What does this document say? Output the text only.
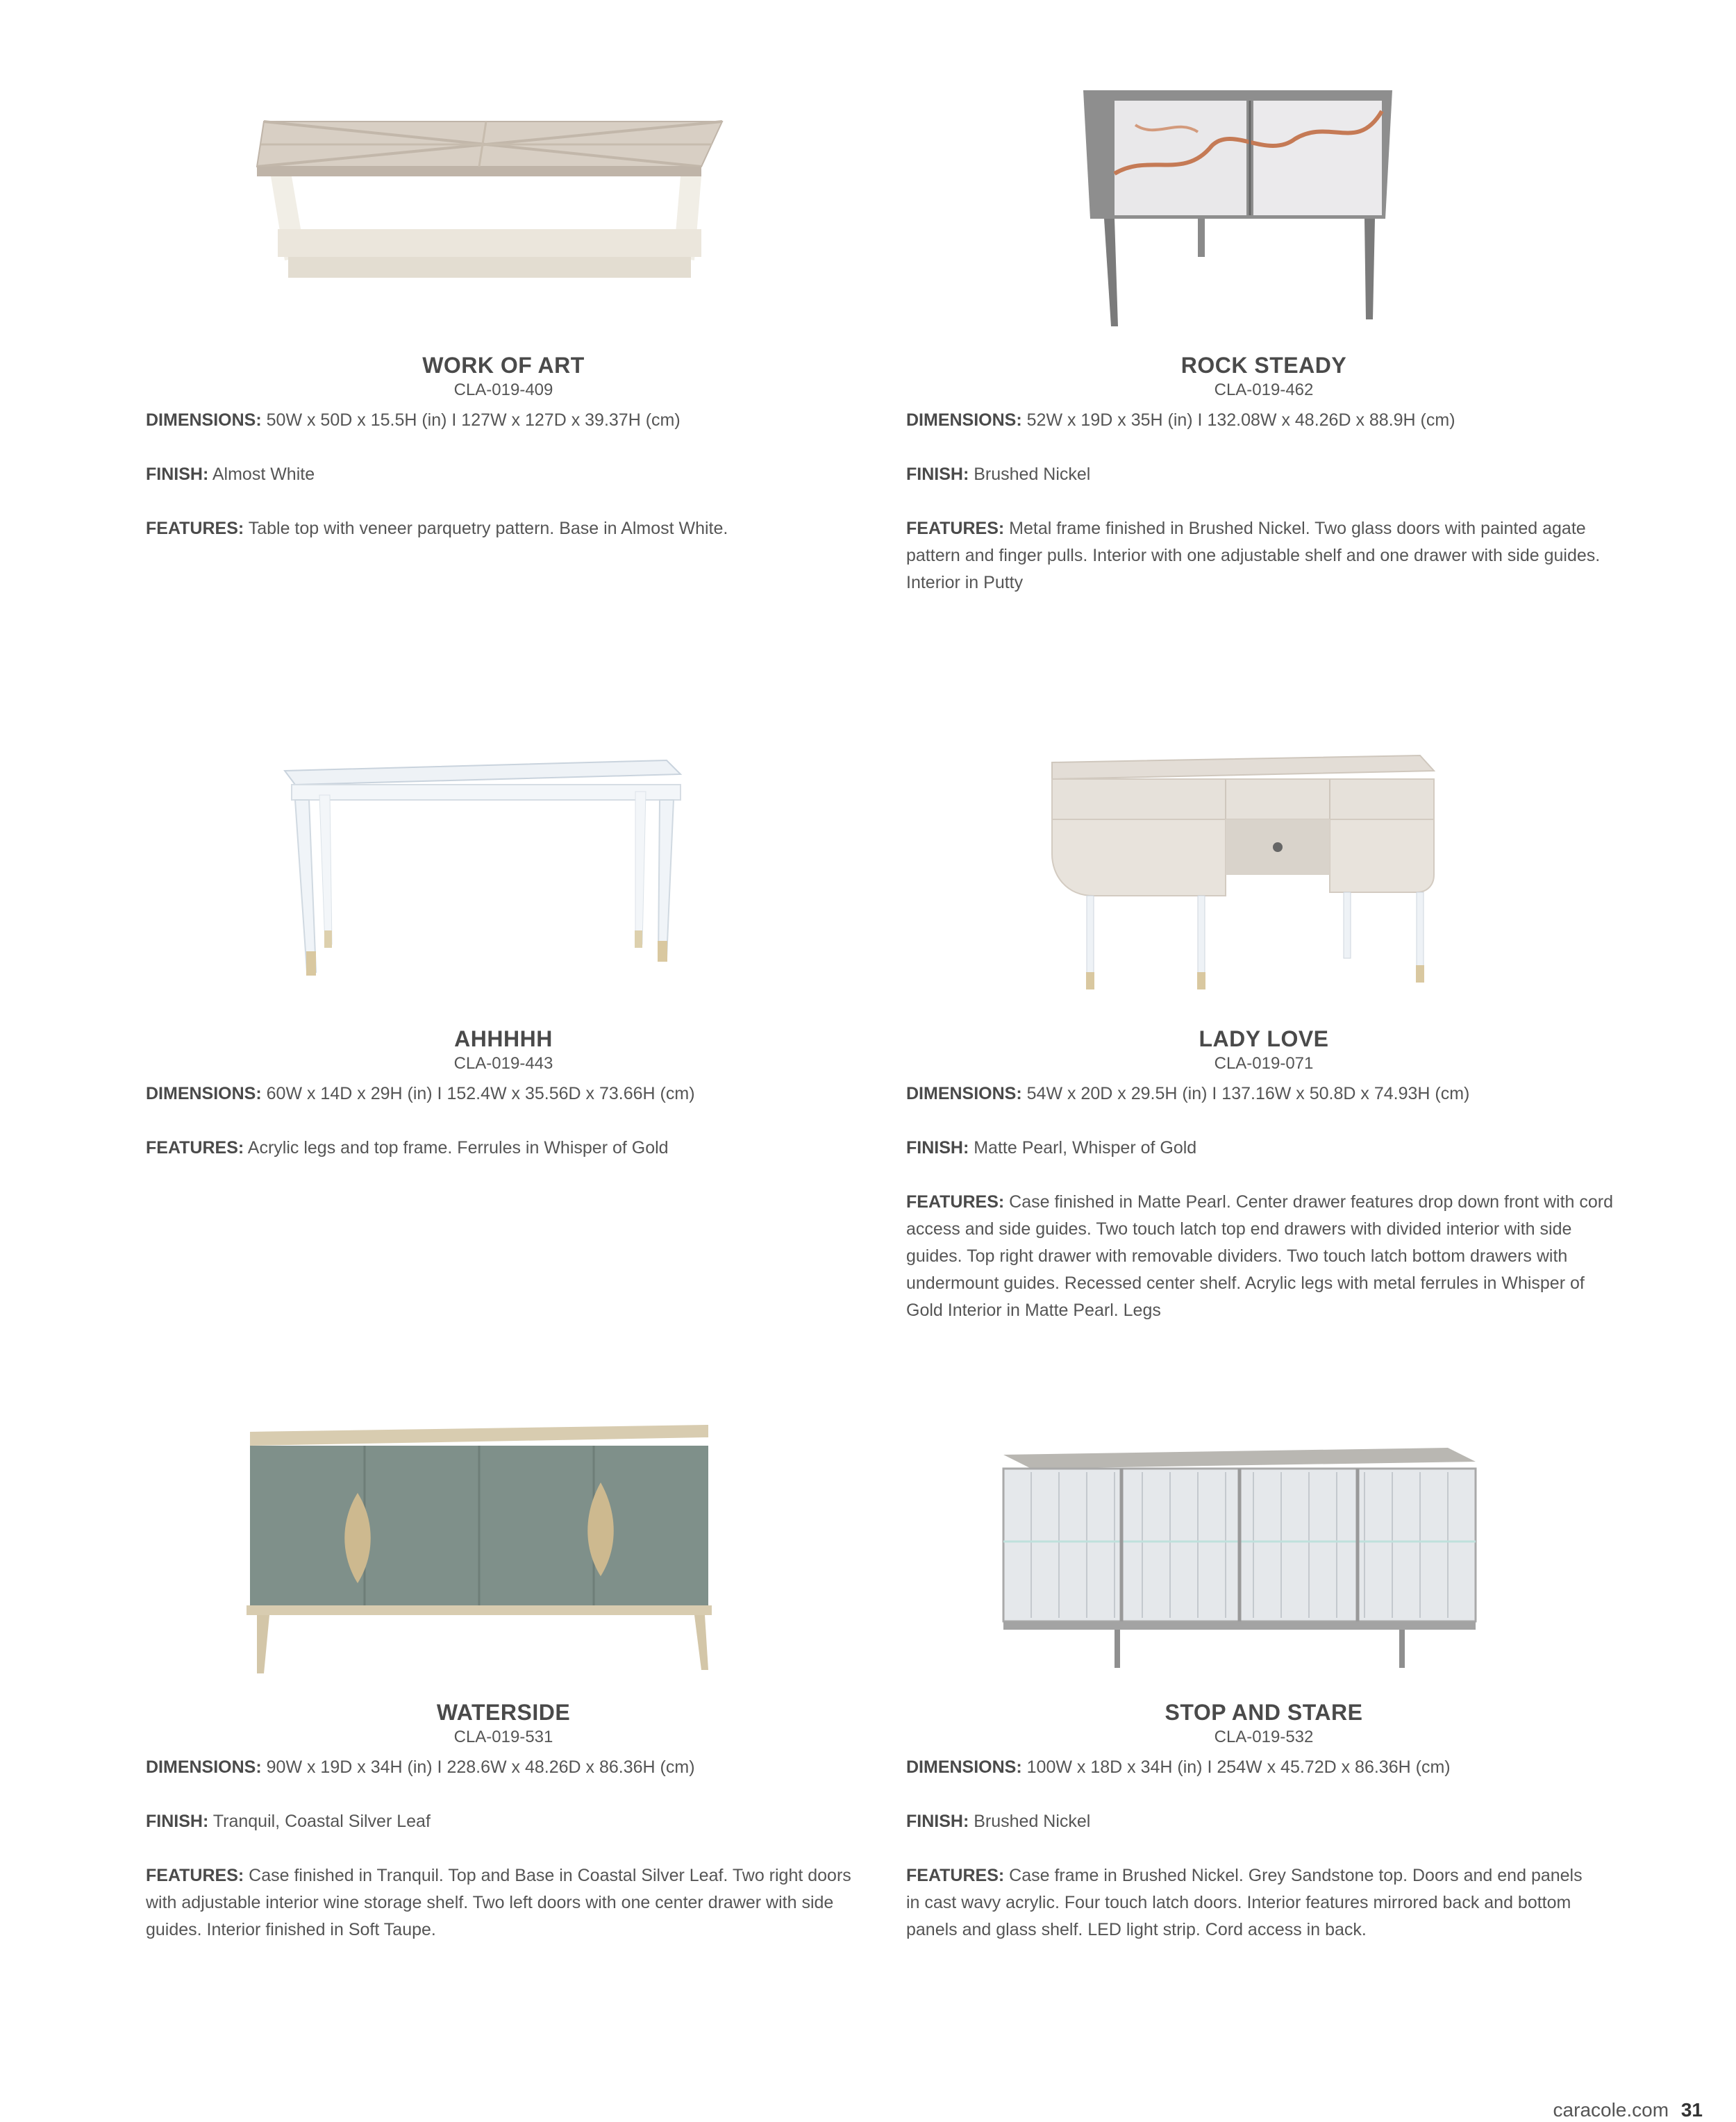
WORK OF ART
CLA-019-409
DIMENSIONS: 50W x 50D x 15.5H (in) I 127W x 127D x 39.37H (cm)
FINISH: Almost White
FEATURES: Table top with veneer parquetry pattern. Base in Almost White.
ROCK STEADY
CLA-019-462
DIMENSIONS: 52W x 19D x 35H (in) I 132.08W x 48.26D x 88.9H (cm)
FINISH: Brushed Nickel
FEATURES: Metal frame finished in Brushed Nickel. Two glass doors with painted agate pattern and finger pulls. Interior with one adjustable shelf and one drawer with side guides. Interior in Putty
AHHHHH
CLA-019-443
DIMENSIONS: 60W x 14D x 29H (in) I 152.4W x 35.56D x 73.66H (cm)
FEATURES: Acrylic legs and top frame. Ferrules in Whisper of Gold
LADY LOVE
CLA-019-071
DIMENSIONS: 54W x 20D x 29.5H (in) I 137.16W x 50.8D x 74.93H (cm)
FINISH: Matte Pearl, Whisper of Gold
FEATURES: Case finished in Matte Pearl. Center drawer features drop down front with cord access and side guides. Two touch latch top end drawers with divided interior with side guides. Top right drawer with removable dividers. Two touch latch bottom drawers with undermount guides. Recessed center shelf. Acrylic legs with metal ferrules in Whisper of Gold Interior in Matte Pearl. Legs
WATERSIDE
CLA-019-531
DIMENSIONS: 90W x 19D x 34H (in) I 228.6W x 48.26D x 86.36H (cm)
FINISH: Tranquil, Coastal Silver Leaf
FEATURES: Case finished in Tranquil. Top and Base in Coastal Silver Leaf. Two right doors with adjustable interior wine storage shelf. Two left doors with one center drawer with side guides. Interior finished in Soft Taupe.
STOP AND STARE
CLA-019-532
DIMENSIONS: 100W x 18D x 34H (in) I 254W x 45.72D x 86.36H (cm)
FINISH: Brushed Nickel
FEATURES: Case frame in Brushed Nickel. Grey Sandstone top. Doors and end panels in cast wavy acrylic. Four touch latch doors. Interior features mirrored back and bottom panels and glass shelf. LED light strip. Cord access in back.
caracole.com 31
